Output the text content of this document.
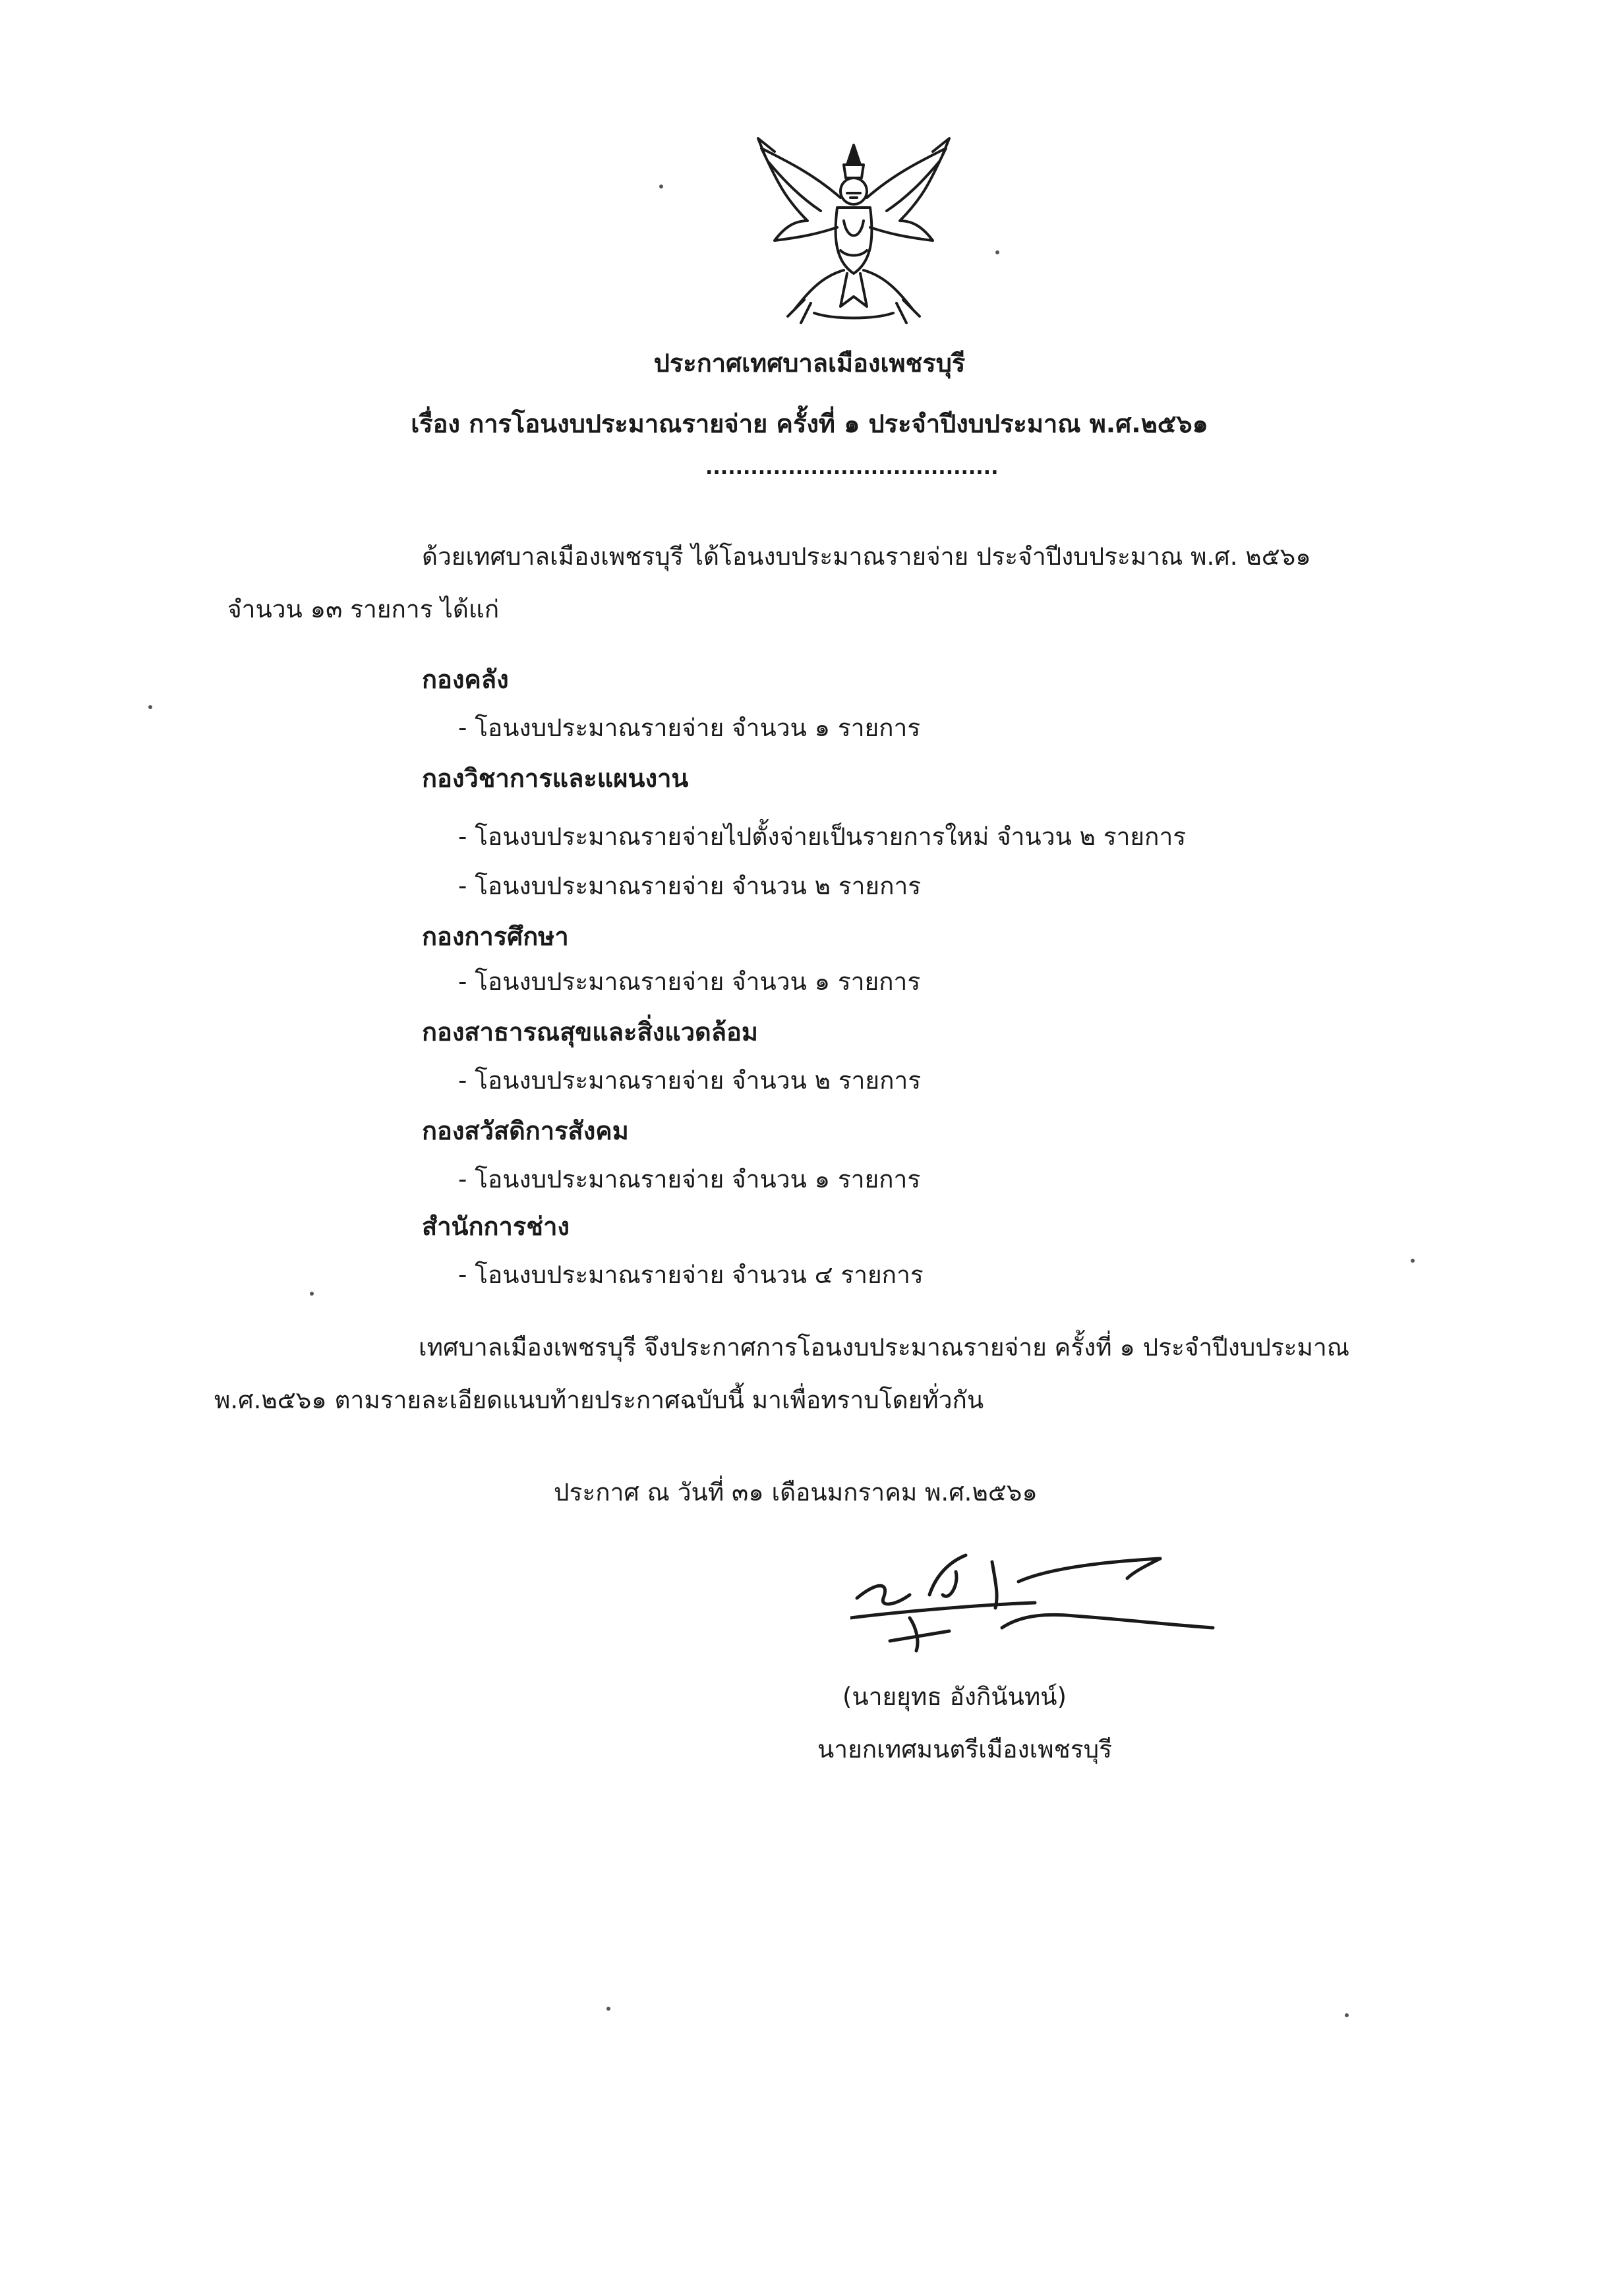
ประกาศเทศบาลเมืองเพชรบุรี
เรื่อง การโอนงบประมาณรายจ่าย ครั้งที่ ๑ ประจำปีงบประมาณ พ.ศ.๒๕๖๑
.......................................
ด้วยเทศบาลเมืองเพชรบุรี ได้โอนงบประมาณรายจ่าย ประจำปีงบประมาณ พ.ศ. ๒๕๖๑
จำนวน ๑๓ รายการ ได้แก่
กองคลัง
- โอนงบประมาณรายจ่าย จำนวน ๑ รายการ
กองวิชาการและแผนงาน
- โอนงบประมาณรายจ่ายไปตั้งจ่ายเป็นรายการใหม่ จำนวน ๒ รายการ
- โอนงบประมาณรายจ่าย จำนวน ๒ รายการ
กองการศึกษา
- โอนงบประมาณรายจ่าย จำนวน ๑ รายการ
กองสาธารณสุขและสิ่งแวดล้อม
- โอนงบประมาณรายจ่าย จำนวน ๒ รายการ
กองสวัสดิการสังคม
- โอนงบประมาณรายจ่าย จำนวน ๑ รายการ
สำนักการช่าง
- โอนงบประมาณรายจ่าย จำนวน ๔ รายการ
เทศบาลเมืองเพชรบุรี จึงประกาศการโอนงบประมาณรายจ่าย ครั้งที่ ๑ ประจำปีงบประมาณ
พ.ศ.๒๕๖๑ ตามรายละเอียดแนบท้ายประกาศฉบับนี้ มาเพื่อทราบโดยทั่วกัน
ประกาศ ณ วันที่ ๓๑ เดือนมกราคม พ.ศ.๒๕๖๑
(นายยุทธ อังกินันทน์)
นายกเทศมนตรีเมืองเพชรบุรี
